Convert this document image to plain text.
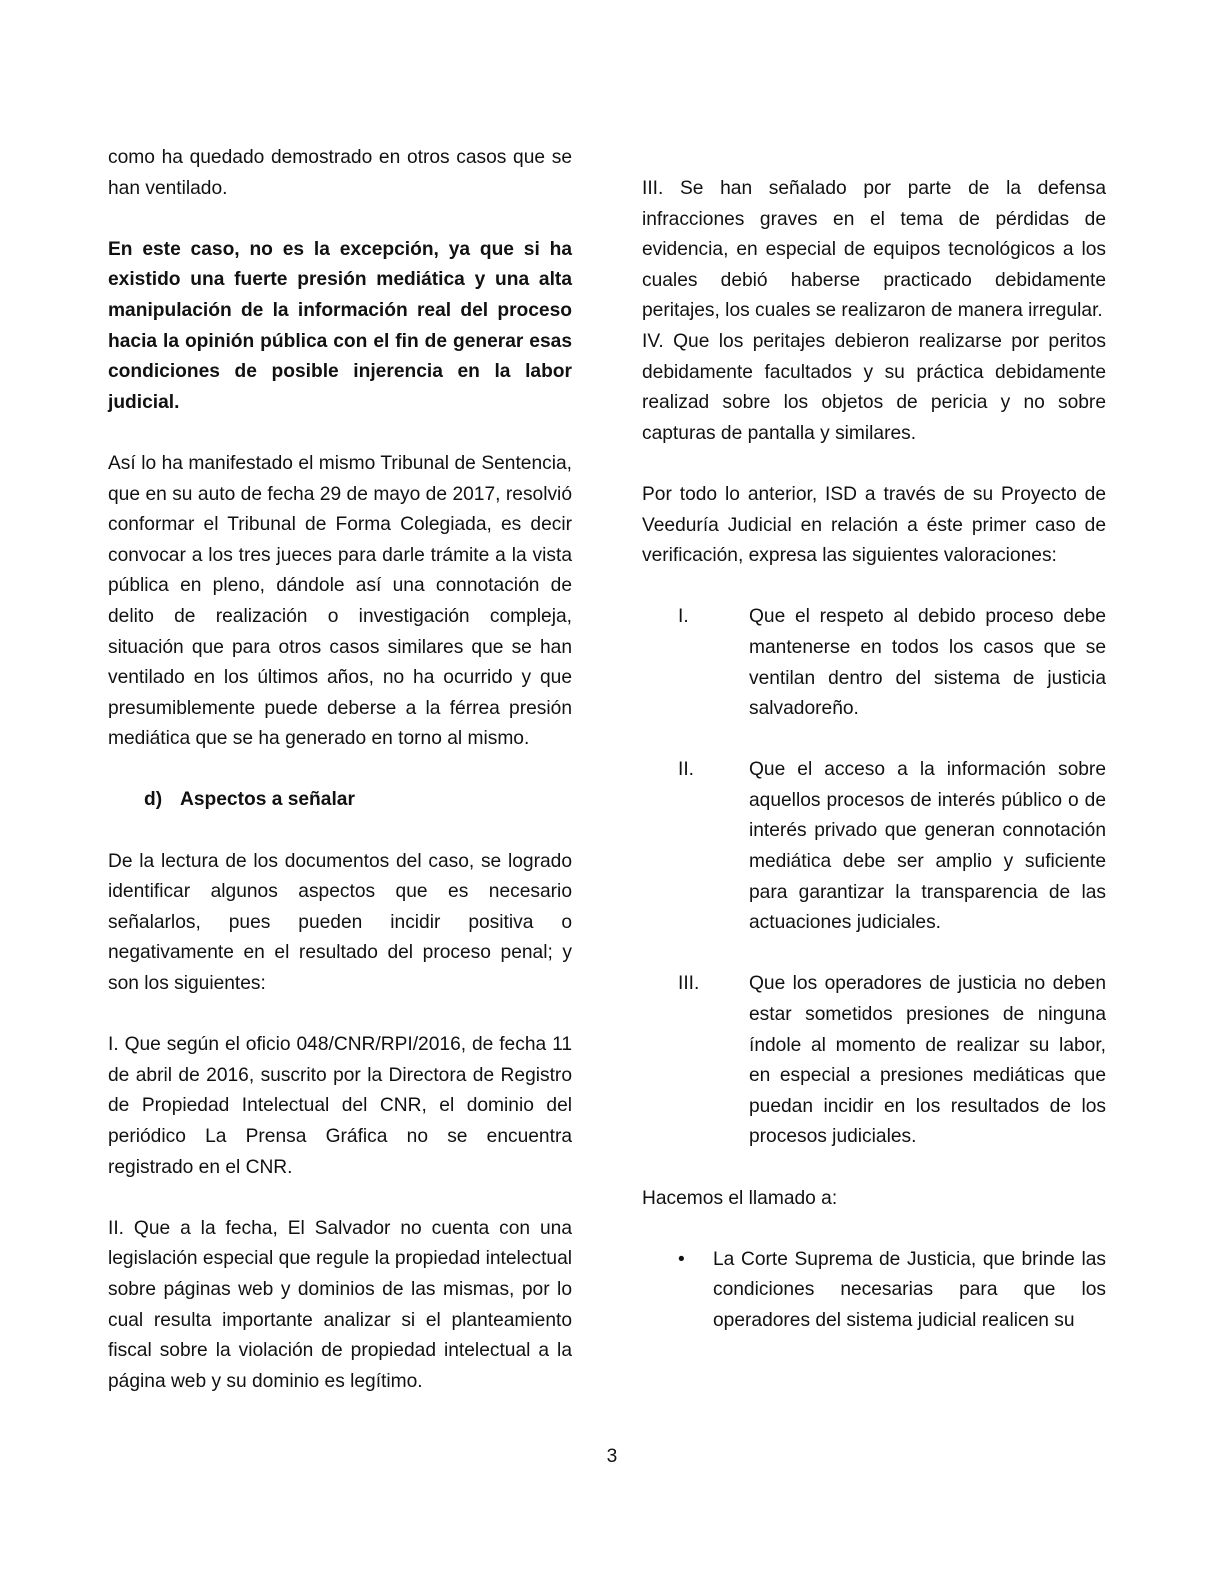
como ha quedado demostrado en otros casos que se han ventilado.

En este caso, no es la excepción, ya que si ha existido una fuerte presión mediática y una alta manipulación de la información real del proceso hacia la opinión pública con el fin de generar esas condiciones de posible injerencia en la labor judicial.

Así lo ha manifestado el mismo Tribunal de Sentencia, que en su auto de fecha 29 de mayo de 2017, resolvió conformar el Tribunal de Forma Colegiada, es decir convocar a los tres jueces para darle trámite a la vista pública en pleno, dándole así una connotación de delito de realización o investigación compleja, situación que para otros casos similares que se han ventilado en los últimos años, no ha ocurrido y que presumiblemente puede deberse a la férrea presión mediática que se ha generado en torno al mismo.

d) Aspectos a señalar

De la lectura de los documentos del caso, se logrado identificar algunos aspectos que es necesario señalarlos, pues pueden incidir positiva o negativamente en el resultado del proceso penal; y son los siguientes:

I. Que según el oficio 048/CNR/RPI/2016, de fecha 11 de abril de 2016, suscrito por la Directora de Registro de Propiedad Intelectual del CNR, el dominio del periódico La Prensa Gráfica no se encuentra registrado en el CNR.

II. Que a la fecha, El Salvador no cuenta con una legislación especial que regule la propiedad intelectual sobre páginas web y dominios de las mismas, por lo cual resulta importante analizar si el planteamiento fiscal sobre la violación de propiedad intelectual a la página web y su dominio es legítimo.

III. Se han señalado por parte de la defensa infracciones graves en el tema de pérdidas de evidencia, en especial de equipos tecnológicos a los cuales debió haberse practicado debidamente peritajes, los cuales se realizaron de manera irregular.

IV. Que los peritajes debieron realizarse por peritos debidamente facultados y su práctica debidamente realizad sobre los objetos de pericia y no sobre capturas de pantalla y similares.

Por todo lo anterior, ISD a través de su Proyecto de Veeduría Judicial en relación a éste primer caso de verificación, expresa las siguientes valoraciones:

I.	Que el respeto al debido proceso debe mantenerse en todos los casos que se ventilan dentro del sistema de justicia salvadoreño.
II.	Que el acceso a la información sobre aquellos procesos de interés público o de interés privado que generan connotación mediática debe ser amplio y suficiente para garantizar la transparencia de las actuaciones judiciales.
III.	Que los operadores de justicia no deben estar sometidos presiones de ninguna índole al momento de realizar su labor, en especial a presiones mediáticas que puedan incidir en los resultados de los procesos judiciales.

Hacemos el llamado a:

•	La Corte Suprema de Justicia, que brinde las condiciones necesarias para que los operadores del sistema judicial realicen su
3
